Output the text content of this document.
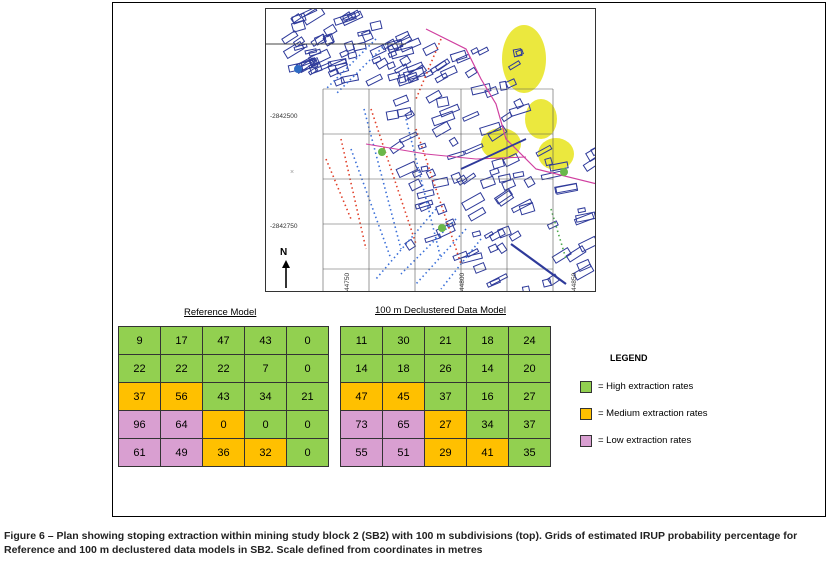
×
-2842500
-2842750
44750	44800	44850
N
Reference Model
9	17	47	43	0
22	22	22	7	0
37	56	43	34	21
96	64	0	0	0
61	49	36	32	0
100 m Declustered Data Model
11	30	21	18	24
14	18	26	14	20
47	45	37	16	27
73	65	27	34	37
55	51	29	41	35
LEGEND
= High extraction rates
= Medium extraction rates
= Low extraction rates
Figure 6 – Plan showing stoping extraction within mining study block 2 (SB2) with 100 m subdivisions (top). Grids of estimated IRUP probability percentage for Reference and 100 m declustered data models in SB2. Scale defined from coordinates in metres
